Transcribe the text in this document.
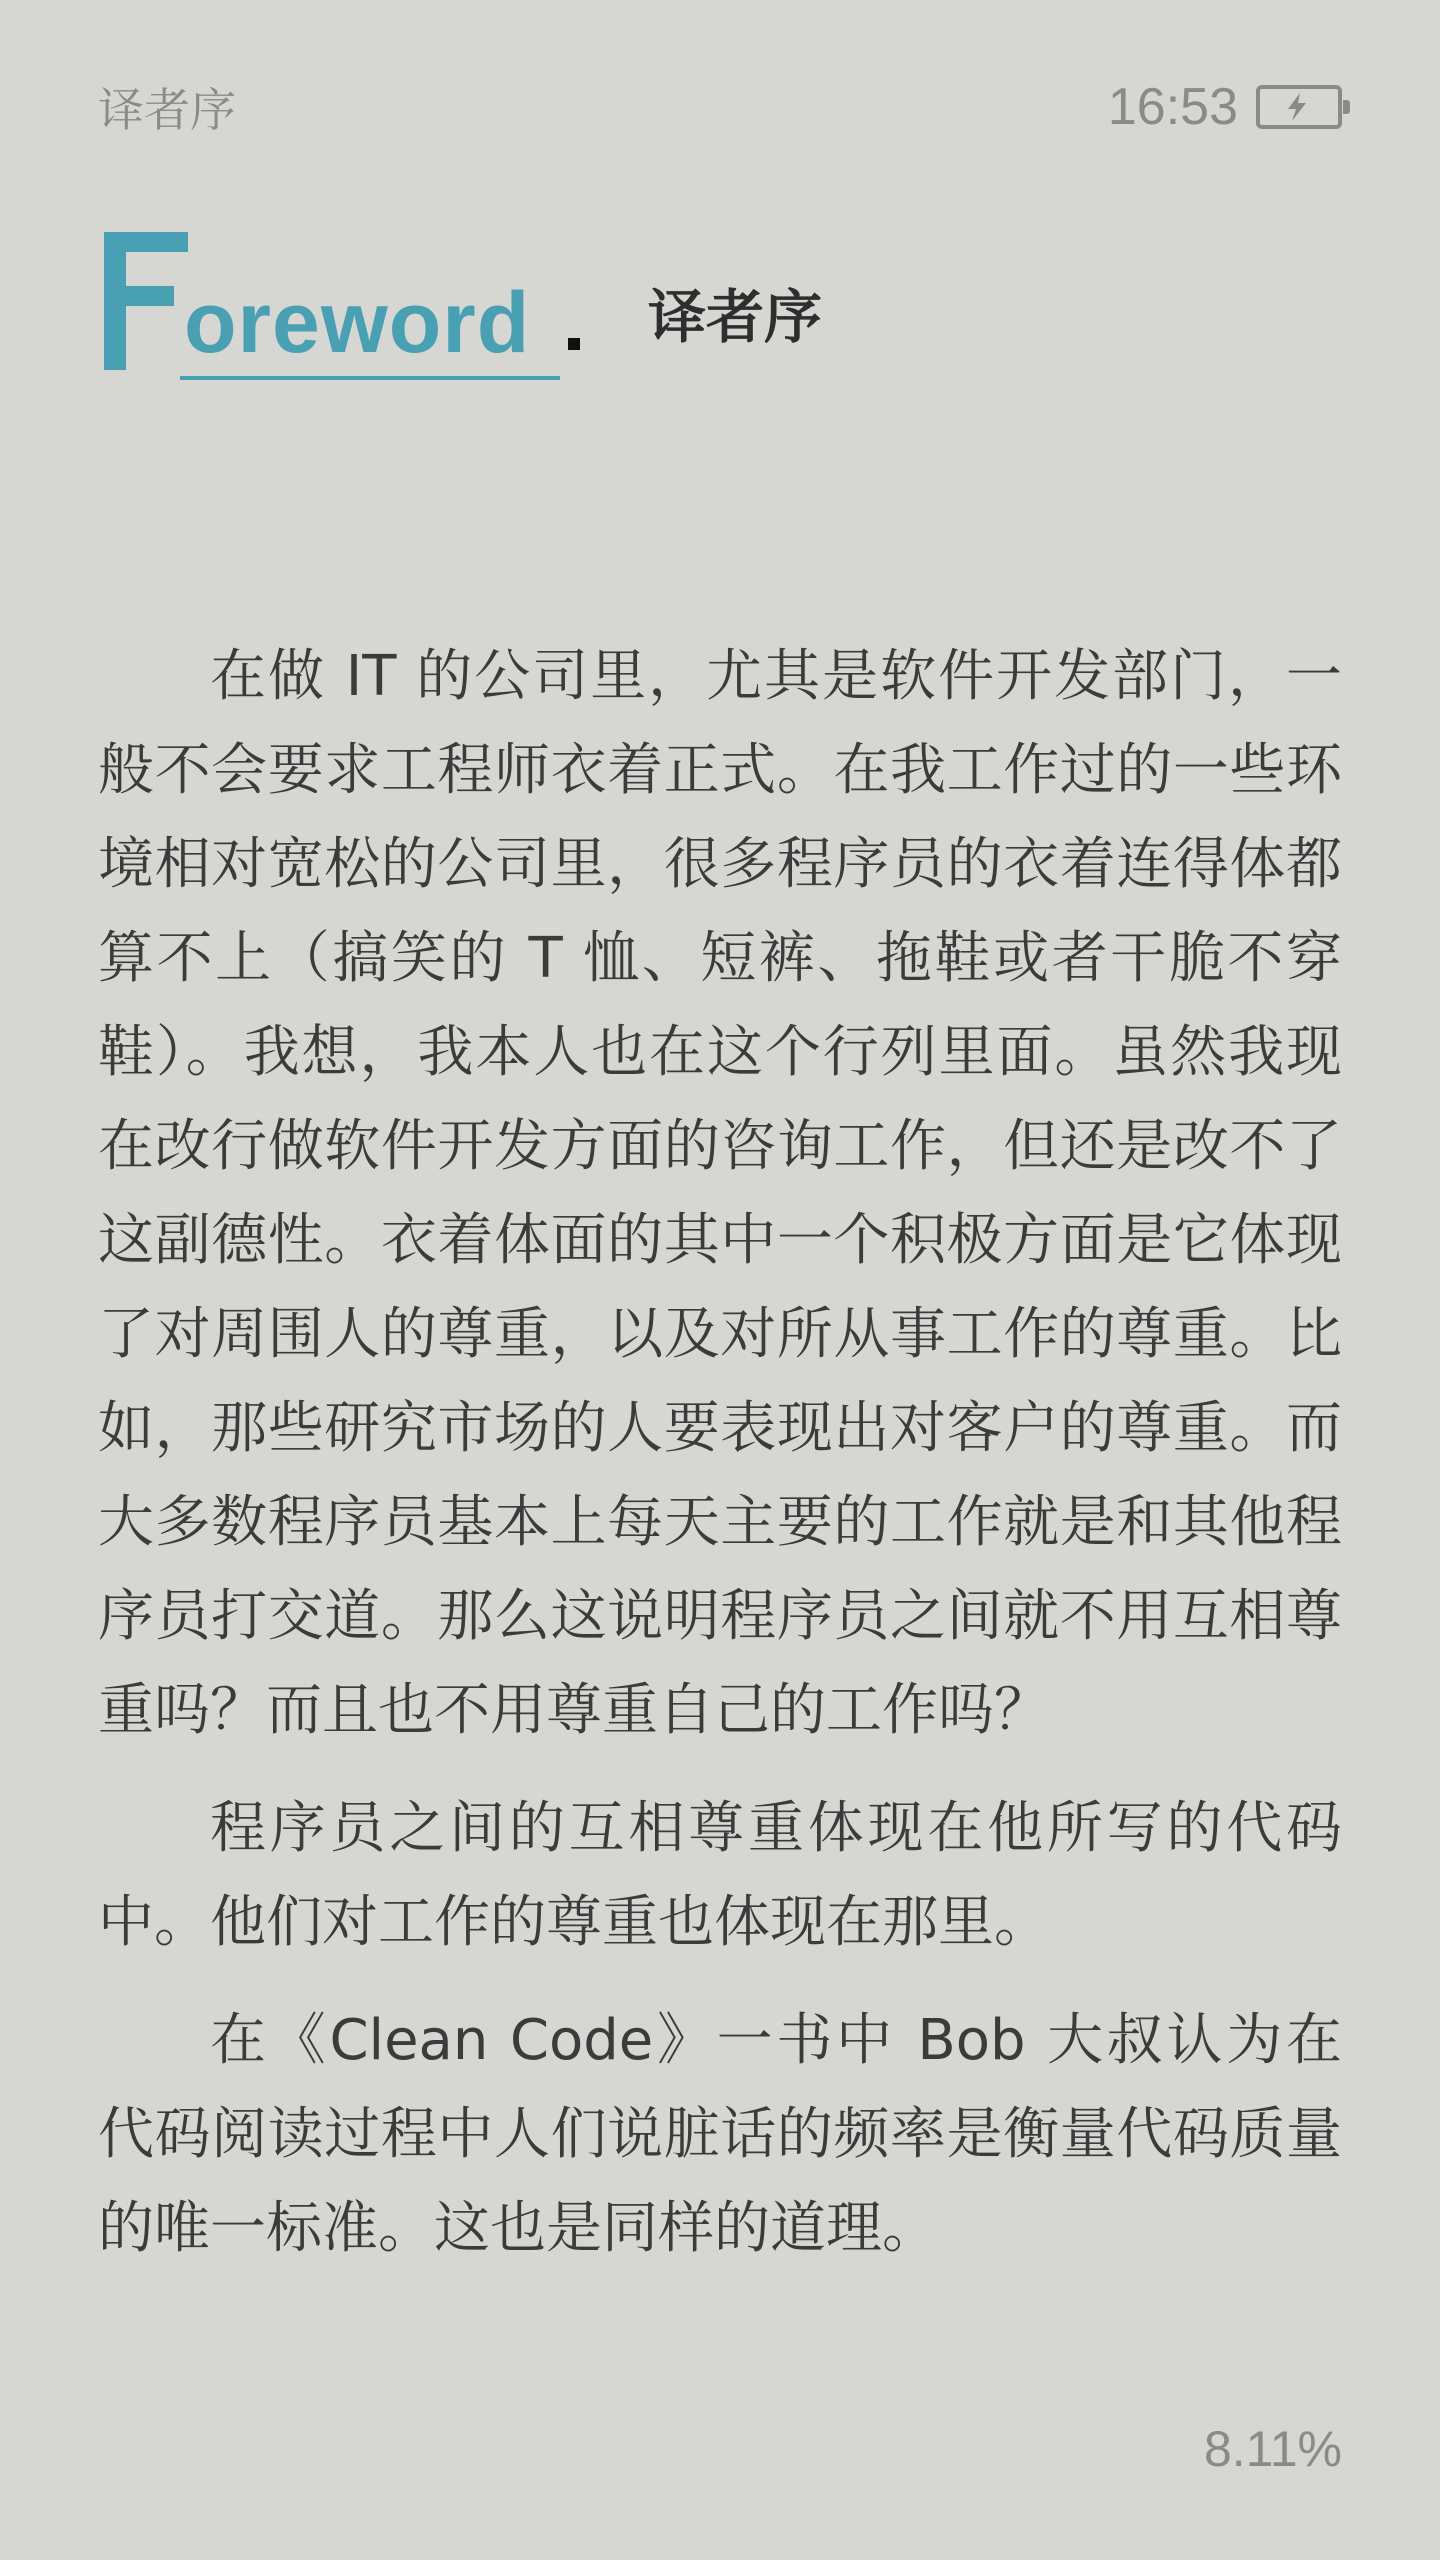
译者序	16:53
oreword 译者序

在做 IT 的公司里，尤其是软件开发部门，一般不会要求工程师衣着正式。在我工作过的一些环境相对宽松的公司里，很多程序员的衣着连得体都算不上（搞笑的 T 恤、短裤、拖鞋或者干脆不穿鞋）。我想，我本人也在这个行列里面。虽然我现在改行做软件开发方面的咨询工作，但还是改不了这副德性。衣着体面的其中一个积极方面是它体现了对周围人的尊重，以及对所从事工作的尊重。比如，那些研究市场的人要表现出对客户的尊重。而大多数程序员基本上每天主要的工作就是和其他程序员打交道。那么这说明程序员之间就不用互相尊重吗？而且也不用尊重自己的工作吗？

程序员之间的互相尊重体现在他所写的代码中。他们对工作的尊重也体现在那里。

在《Clean Code》一书中 Bob 大叔认为在代码阅读过程中人们说脏话的频率是衡量代码质量的唯一标准。这也是同样的道理。

8.11%
